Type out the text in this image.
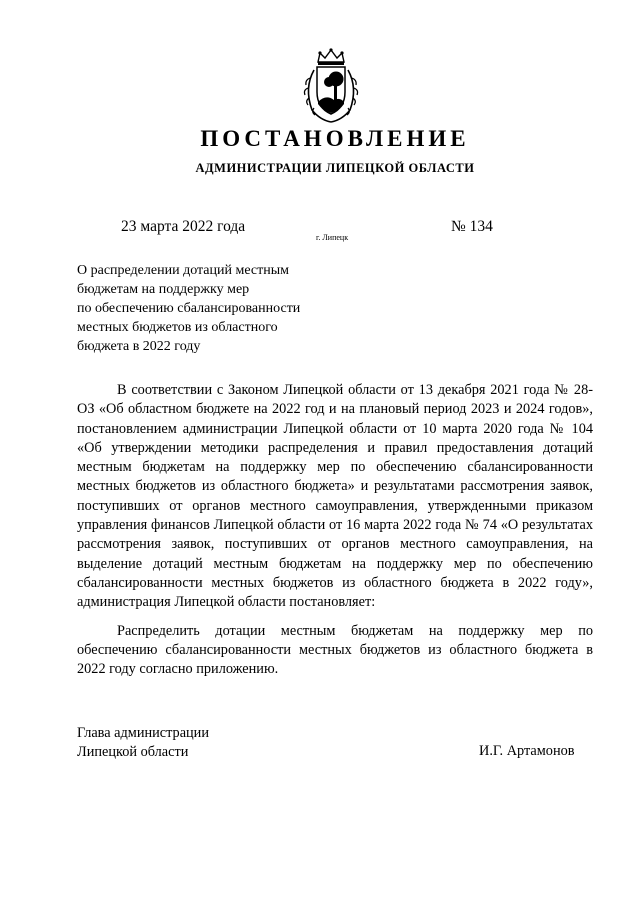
ПОСТАНОВЛЕНИЕ
АДМИНИСТРАЦИИ ЛИПЕЦКОЙ ОБЛАСТИ
23 марта 2022 года
г. Липецк
№ 134
О распределении дотаций местным
бюджетам на поддержку мер
по обеспечению сбалансированности
местных бюджетов из областного
бюджета в 2022 году

В соответствии с Законом Липецкой области от 13 декабря 2021 года № 28-ОЗ «Об областном бюджете на 2022 год и на плановый период 2023 и 2024 годов», постановлением администрации Липецкой области от 10 марта 2020 года № 104 «Об утверждении методики распределения и правил предоставления дотаций местным бюджетам на поддержку мер по обеспечению сбалансированности местных бюджетов из областного бюджета» и результатами рассмотрения заявок, поступивших от органов местного самоуправления, утвержденными приказом управления финансов Липецкой области от 16 марта 2022 года № 74 «О результатах рассмотрения заявок, поступивших от органов местного самоуправления, на выделение дотаций местным бюджетам на поддержку мер по обеспечению сбалансированности местных бюджетов из областного бюджета в 2022 году», администрация Липецкой области постановляет:

Распределить дотации местным бюджетам на поддержку мер по обеспечению сбалансированности местных бюджетов из областного бюджета в 2022 году согласно приложению.

Глава администрации
Липецкой области	И.Г. Артамонов
